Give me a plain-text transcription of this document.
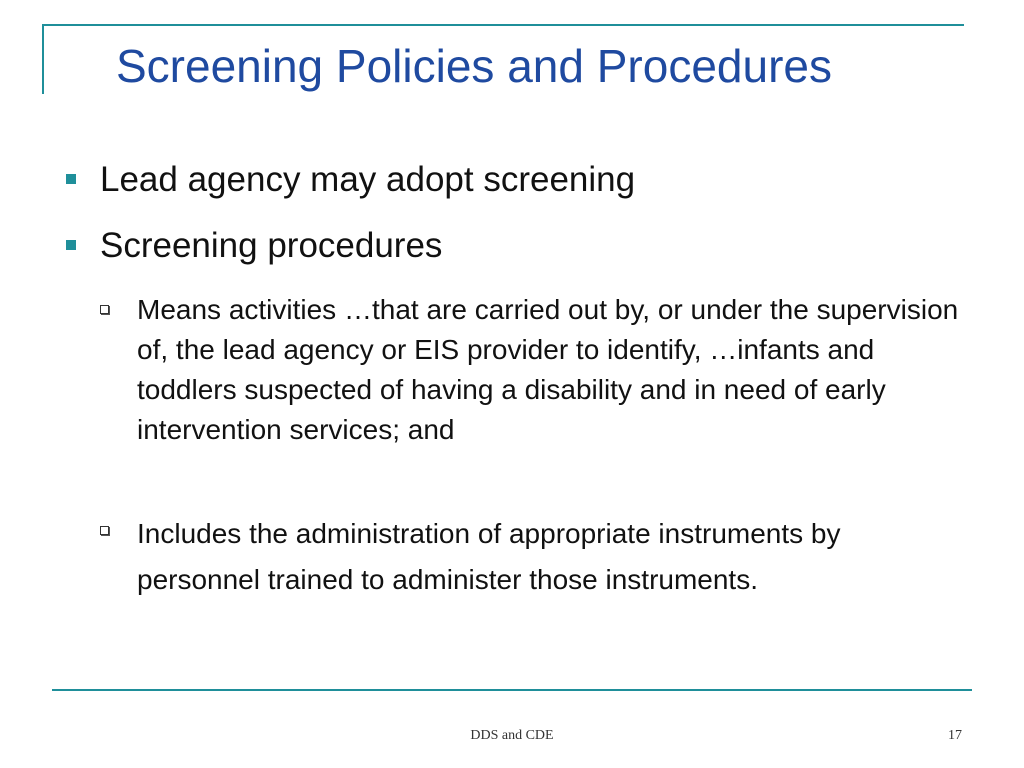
Screening Policies and Procedures
Lead agency may adopt screening
Screening procedures
Means activities …that are carried out by, or under the supervision of, the lead agency or EIS provider to identify, …infants and toddlers suspected of having a disability and in need of early intervention services; and
Includes the administration of appropriate instruments by personnel trained to administer those instruments.
DDS and CDE	17
